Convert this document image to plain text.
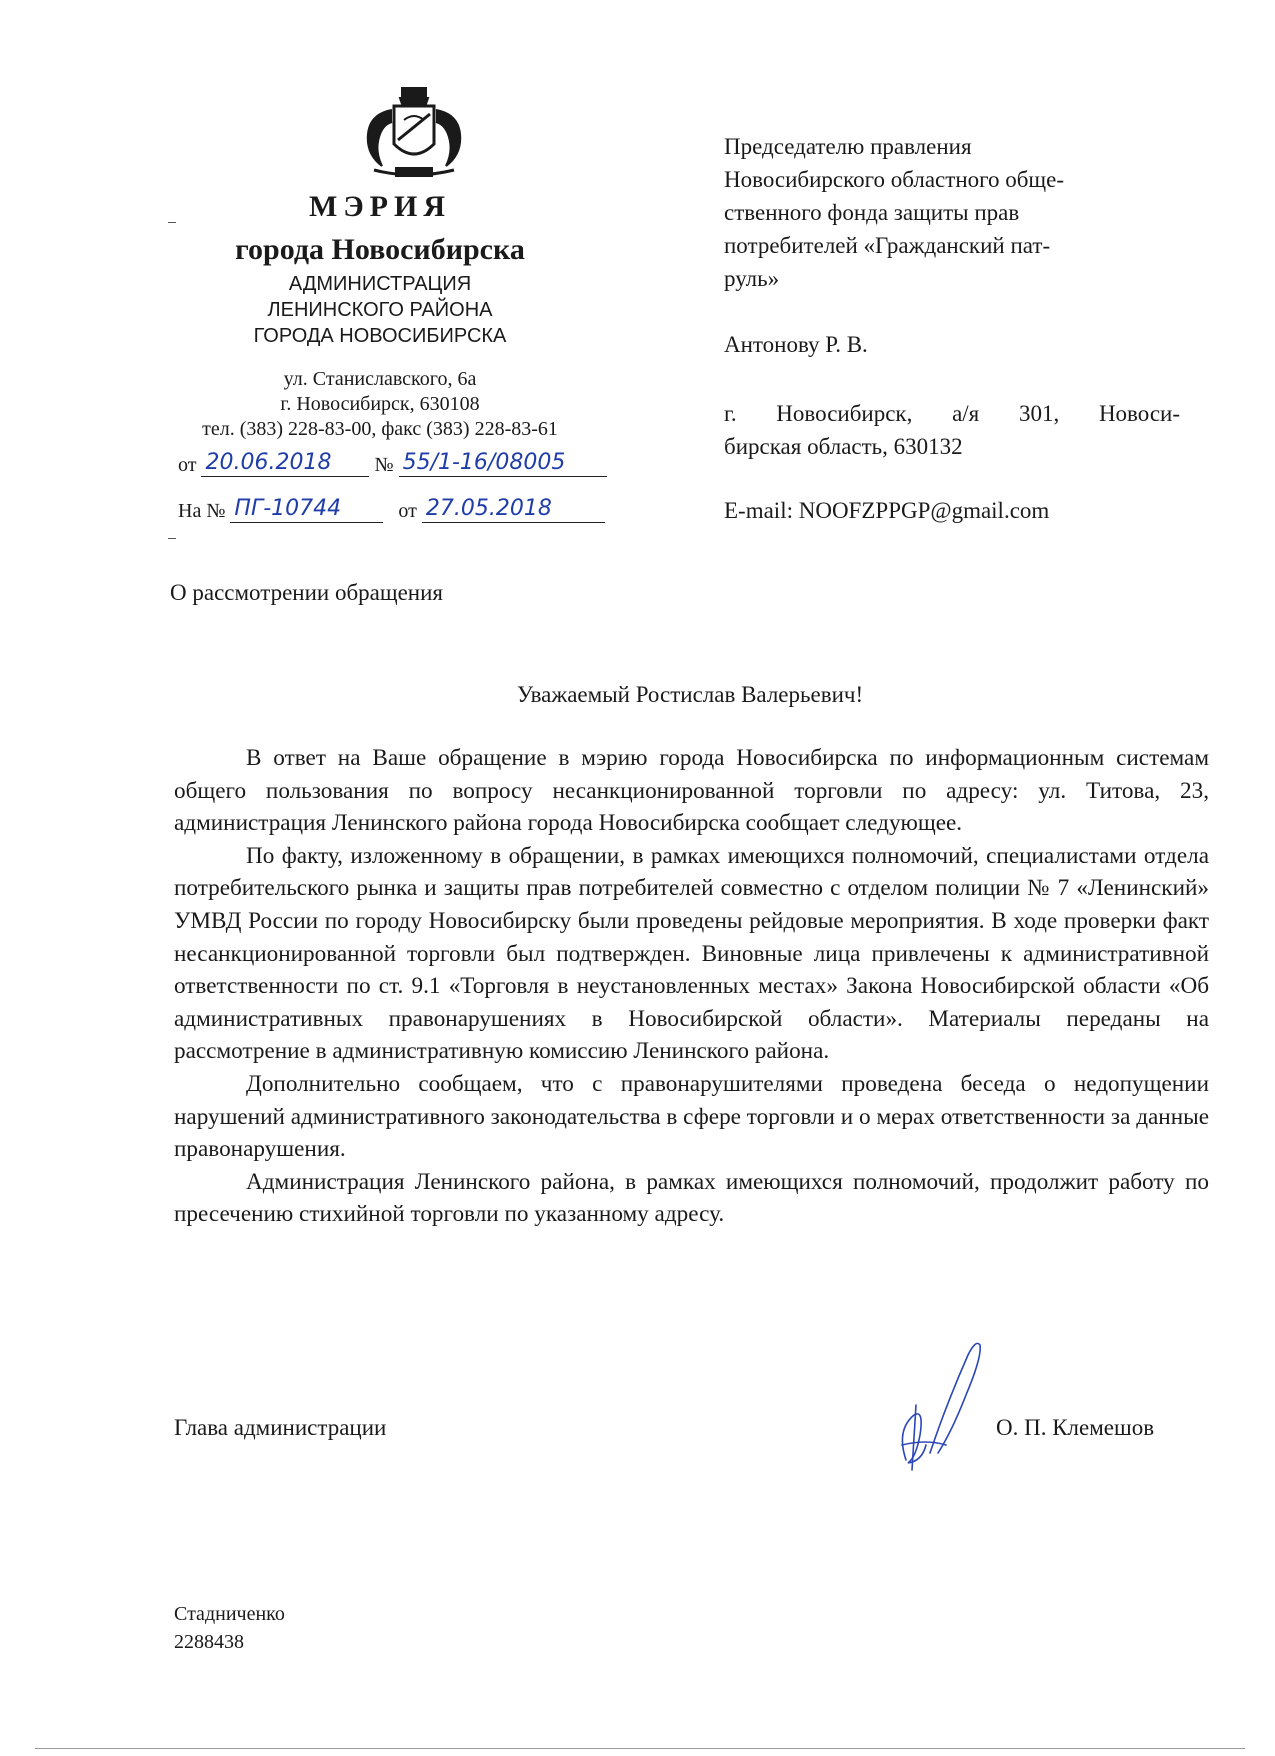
МЭРИЯ
города Новосибирска
АДМИНИСТРАЦИЯ
ЛЕНИНСКОГО РАЙОНА
ГОРОДА НОВОСИБИРСКА
ул. Станиславского, 6а
г. Новосибирск, 630108
тел. (383) 228-83-00, факс (383) 228-83-61
от 20.06.2018 № 55/1-16/08005
На № ПГ-10744	от 27.05.2018
Председателю правления
Новосибирского областного обще-
ственного фонда защиты прав
потребителей «Гражданский пат-
руль»
Антонову Р. В.
г. Новосибирск, а/я 301, Новоси-
бирская область, 630132
E-mail: NOOFZPPGP@gmail.com
О рассмотрении обращения
Уважаемый Ростислав Валерьевич!

В ответ на Ваше обращение в мэрию города Новосибирска по информационным системам общего пользования по вопросу несанкционированной торговли по адресу: ул. Титова, 23, администрация Ленинского района города Новосибирска сообщает следующее.

По факту, изложенному в обращении, в рамках имеющихся полномочий, специалистами отдела потребительского рынка и защиты прав потребителей совместно с отделом полиции № 7 «Ленинский» УМВД России по городу Новосибирску были проведены рейдовые мероприятия. В ходе проверки факт несанкционированной торговли был подтвержден. Виновные лица привлечены к административной ответственности по ст. 9.1 «Торговля в неустановленных местах» Закона Новосибирской области «Об административных правонарушениях в Новосибирской области». Материалы переданы на рассмотрение в административную комиссию Ленинского района.

Дополнительно сообщаем, что с правонарушителями проведена беседа о недопущении нарушений административного законодательства в сфере торговли и о мерах ответственности за данные правонарушения.

Администрация Ленинского района, в рамках имеющихся полномочий, продолжит работу по пресечению стихийной торговли по указанному адресу.

Глава администрации	О. П. Клемешов
Стадниченко
2288438
